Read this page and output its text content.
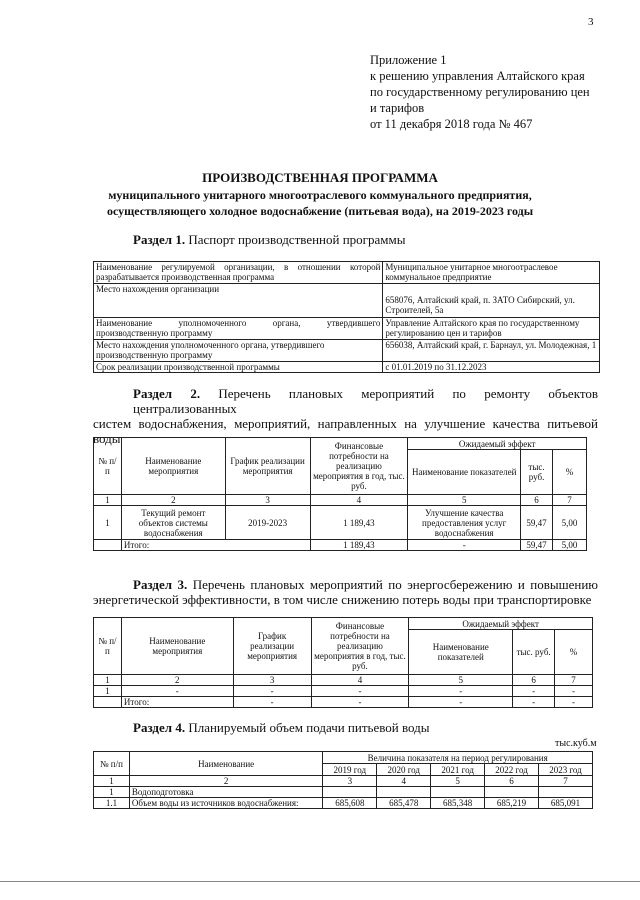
3
Приложение 1
к решению управления Алтайского края
по государственному регулированию цен
и тарифов
от 11 декабря 2018 года № 467
ПРОИЗВОДСТВЕННАЯ ПРОГРАММА
муниципального унитарного многоотраслевого коммунального предприятия,
осуществляющего холодное водоснабжение (питьевая вода), на 2019-2023 годы
Раздел 1. Паспорт производственной программы
Наименование регулируемой организации, в отношении которой разрабатывается производственная программа	Муниципальное унитарное многоотраслевое коммунальное предприятие
Место нахождения организации	658076, Алтайский край, п. ЗАТО Сибирский, ул. Строителей, 5а
Наименование уполномоченного органа, утвердившего производственную программу	Управление Алтайского края по государственному регулированию цен и тарифов
Место нахождения уполномоченного органа, утвердившего производственную программу	656038, Алтайский край, г. Барнаул, ул. Молодежная, 1
Срок реализации производственной программы	с 01.01.2019 по 31.12.2023
Раздел 2. Перечень плановых мероприятий по ремонту объектов централизованных
систем водоснабжения, мероприятий, направленных на улучшение качества питьевой
воды
№ п/п	Наименование мероприятия	График реализации мероприятия	Финансовые потребности на реализацию мероприятия в год, тыс. руб.	Ожидаемый эффект		
				Наименование показателей	тыс. руб.	%
1	2	3	4	5	6	7
1	Текущий ремонт объектов системы водоснабжения	2019-2023	1 189,43	Улучшение качества предоставления услуг водоснабжения	59,47	5,00
	Итого:		1 189,43	-	59,47	5,00
Раздел 3. Перечень плановых мероприятий по энергосбережению и повышению
энергетической эффективности, в том числе снижению потерь воды при транспортировке
№ п/п	Наименование мероприятия	График реализации мероприятия	Финансовые потребности на реализацию мероприятия в год, тыс. руб.	Ожидаемый эффект		
				Наименование показателей	тыс. руб.	%
1	2	3	4	5	6	7
1	-	-	-	-	-	-
	Итого:	-	-	-	-	-
Раздел 4. Планируемый объем подачи питьевой воды
тыс.куб.м
№ п/п	Наименование	Величина показателя на период регулирования				
		2019 год	2020 год	2021 год	2022 год	2023 год
1	2	3	4	5	6	7
1	Водоподготовка					
1.1	Объем воды из источников водоснабжения:	685,608	685,478	685,348	685,219	685,091
